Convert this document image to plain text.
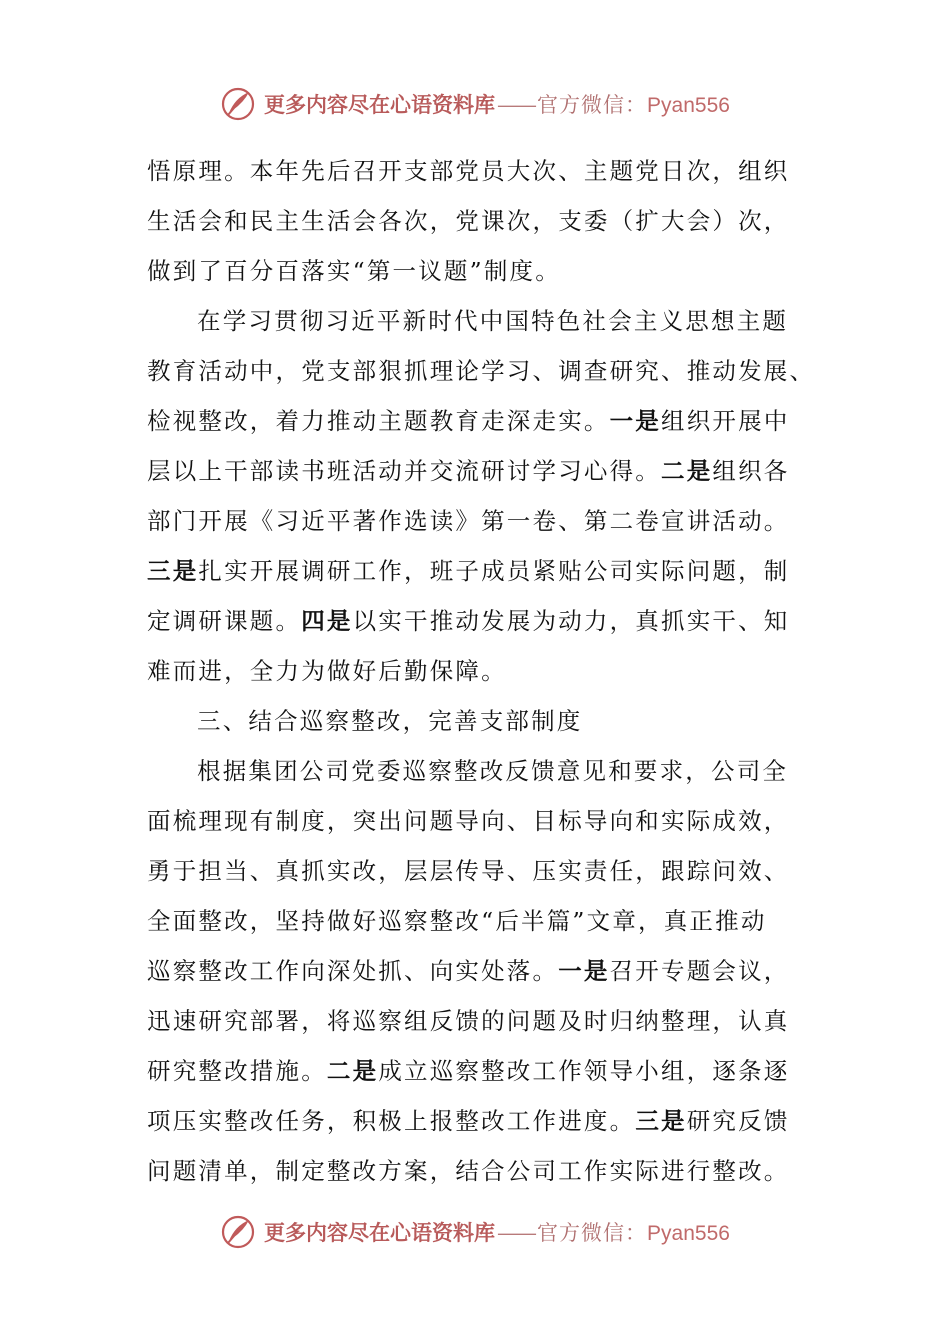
更多内容尽在心语资料库 —— 官方微信： Pyan556
悟原理。本年先后召开支部党员大次、主题党日次，组织
生活会和民主生活会各次，党课次，支委（扩大会）次，
做到了百分百落实“第一议题”制度。
在学习贯彻习近平新时代中国特色社会主义思想主题
教育活动中，党支部狠抓理论学习、调查研究、推动发展、
检视整改，着力推动主题教育走深走实。一是组织开展中
层以上干部读书班活动并交流研讨学习心得。二是组织各
部门开展《习近平著作选读》第一卷、第二卷宣讲活动。
三是扎实开展调研工作，班子成员紧贴公司实际问题，制
定调研课题。四是以实干推动发展为动力，真抓实干、知
难而进，全力为做好后勤保障。
三、结合巡察整改，完善支部制度
根据集团公司党委巡察整改反馈意见和要求，公司全
面梳理现有制度，突出问题导向、目标导向和实际成效，
勇于担当、真抓实改，层层传导、压实责任，跟踪问效、
全面整改，坚持做好巡察整改“后半篇”文章，真正推动
巡察整改工作向深处抓、向实处落。一是召开专题会议，
迅速研究部署，将巡察组反馈的问题及时归纳整理，认真
研究整改措施。二是成立巡察整改工作领导小组，逐条逐
项压实整改任务，积极上报整改工作进度。三是研究反馈
问题清单，制定整改方案，结合公司工作实际进行整改。
更多内容尽在心语资料库 —— 官方微信： Pyan556
